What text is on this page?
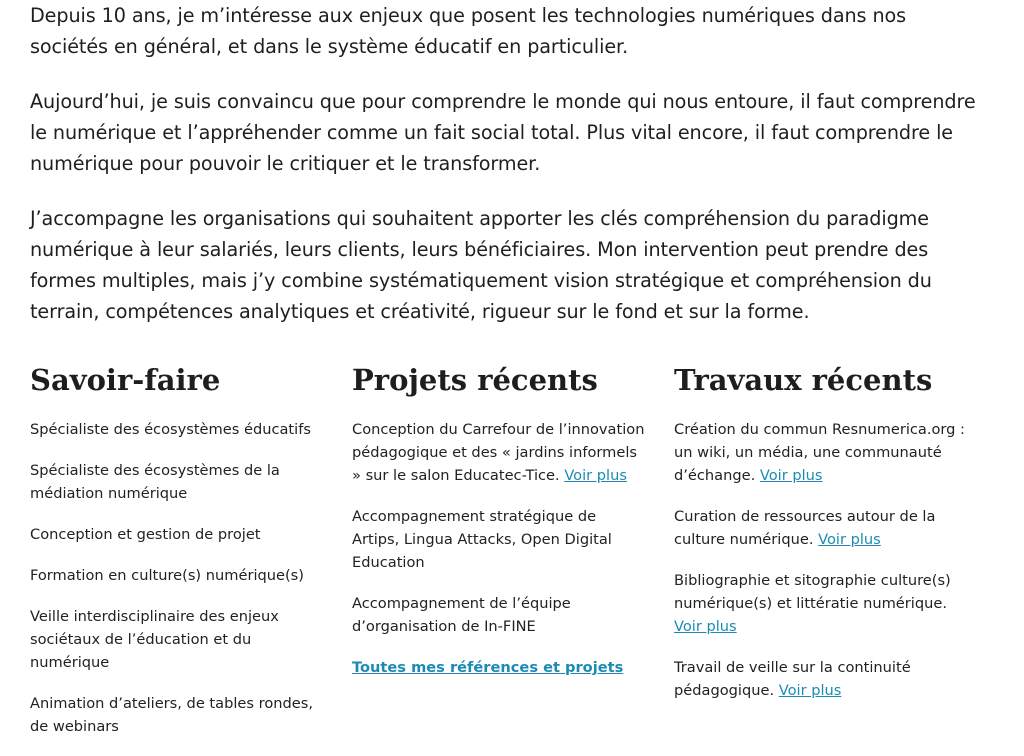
Depuis 10 ans, je m’intéresse aux enjeux que posent les technologies numériques dans nos sociétés en général, et dans le système éducatif en particulier.

Aujourd’hui, je suis convaincu que pour comprendre le monde qui nous entoure, il faut comprendre le numérique et l’appréhender comme un fait social total. Plus vital encore, il faut comprendre le numérique pour pouvoir le critiquer et le transformer.

J’accompagne les organisations qui souhaitent apporter les clés compréhension du paradigme numérique à leur salariés, leurs clients, leurs bénéficiaires. Mon intervention peut prendre des formes multiples, mais j’y combine systématiquement vision stratégique et compréhension du terrain, compétences analytiques et créativité, rigueur sur le fond et sur la forme.

Savoir-faire
Spécialiste des écosystèmes éducatifs
Spécialiste des écosystèmes de la médiation numérique
Conception et gestion de projet
Formation en culture(s) numérique(s)
Veille interdisciplinaire des enjeux sociétaux de l’éducation et du numérique
Animation d’ateliers, de tables rondes, de webinars
Projets récents
Conception du Carrefour de l’innovation pédagogique et des « jardins informels » sur le salon Educatec-Tice. Voir plus
Accompagnement stratégique de Artips, Lingua Attacks, Open Digital Education
Accompagnement de l’équipe d’organisation de In-FINE
Toutes mes références et projets
Travaux récents
Création du commun Resnumerica.org : un wiki, un média, une communauté d’échange. Voir plus
Curation de ressources autour de la culture numérique. Voir plus
Bibliographie et sitographie culture(s) numérique(s) et littératie numérique. Voir plus
Travail de veille sur la continuité pédagogique. Voir plus
